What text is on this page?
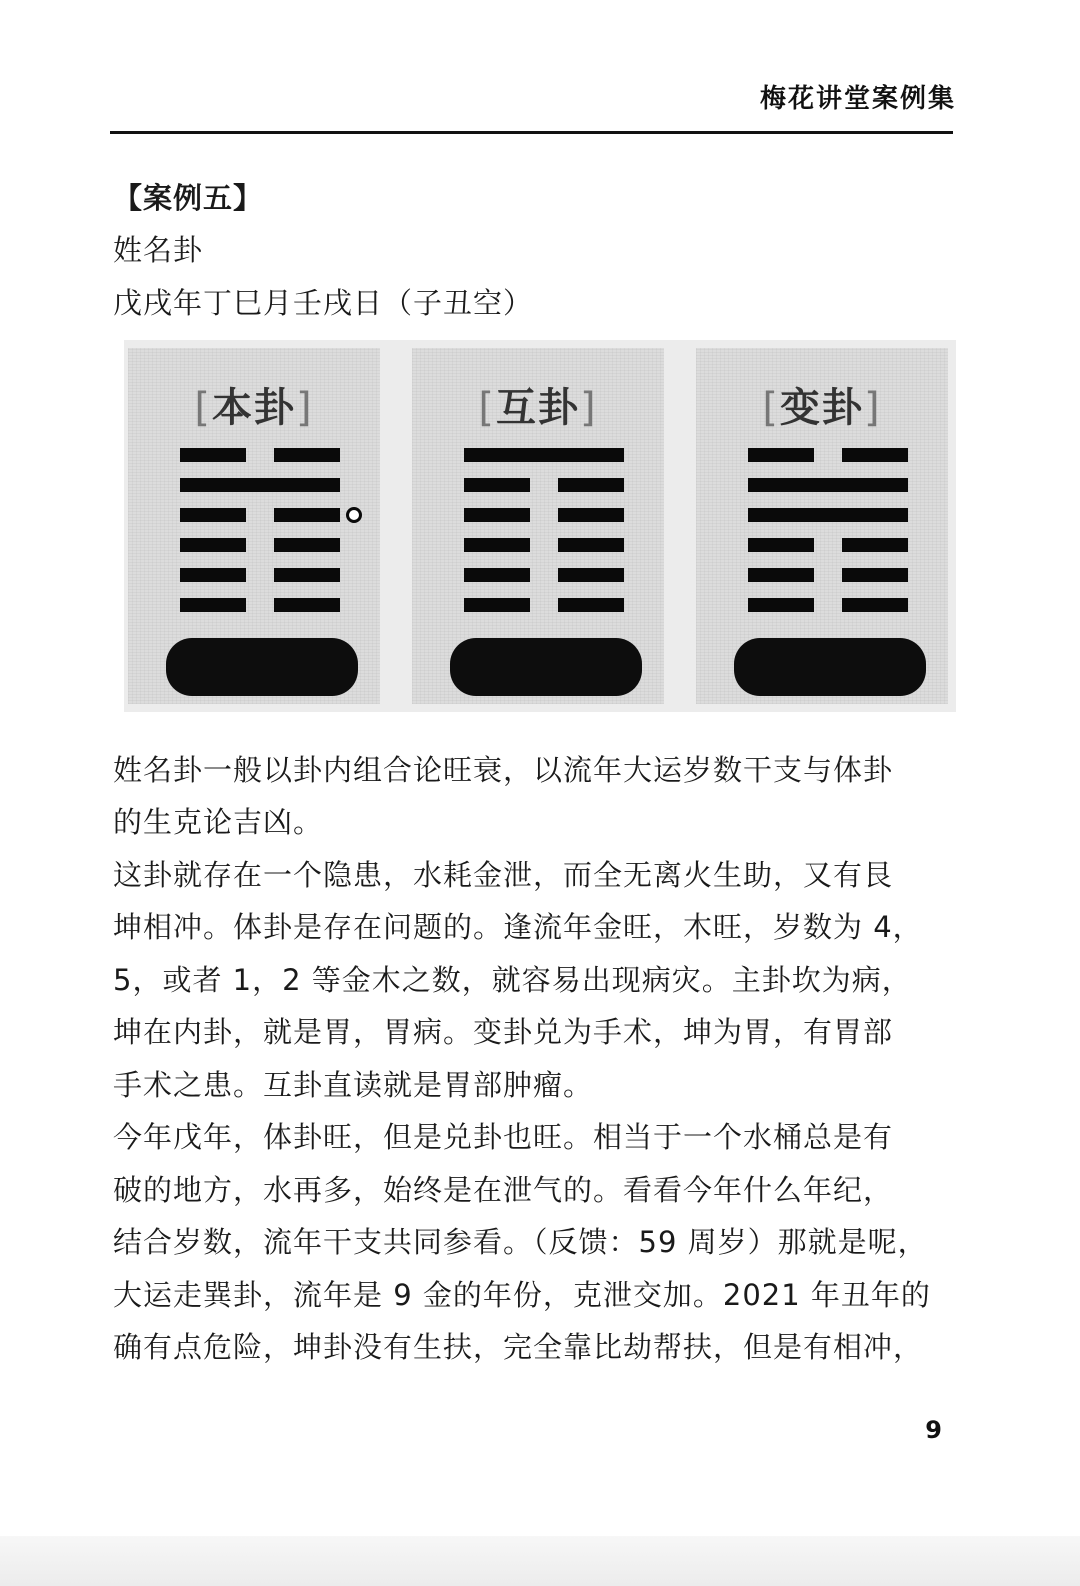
梅花讲堂案例集
【案例五】
姓名卦
戊戌年丁巳月壬戌日（子丑空）
[本卦]	[互卦]	[变卦]
姓名卦一般以卦内组合论旺衰，以流年大运岁数干支与体卦
的生克论吉凶。
这卦就存在一个隐患，水耗金泄，而全无离火生助，又有艮
坤相冲。体卦是存在问题的。逢流年金旺，木旺，岁数为 4，
5，或者 1，2 等金木之数，就容易出现病灾。主卦坎为病，
坤在内卦，就是胃，胃病。变卦兑为手术，坤为胃，有胃部
手术之患。互卦直读就是胃部肿瘤。
今年戊年，体卦旺，但是兑卦也旺。相当于一个水桶总是有
破的地方，水再多，始终是在泄气的。看看今年什么年纪，
结合岁数，流年干支共同参看。（反馈：59 周岁）那就是呢，
大运走巽卦，流年是 9 金的年份，克泄交加。2021 年丑年的
确有点危险，坤卦没有生扶，完全靠比劫帮扶，但是有相冲，
9
